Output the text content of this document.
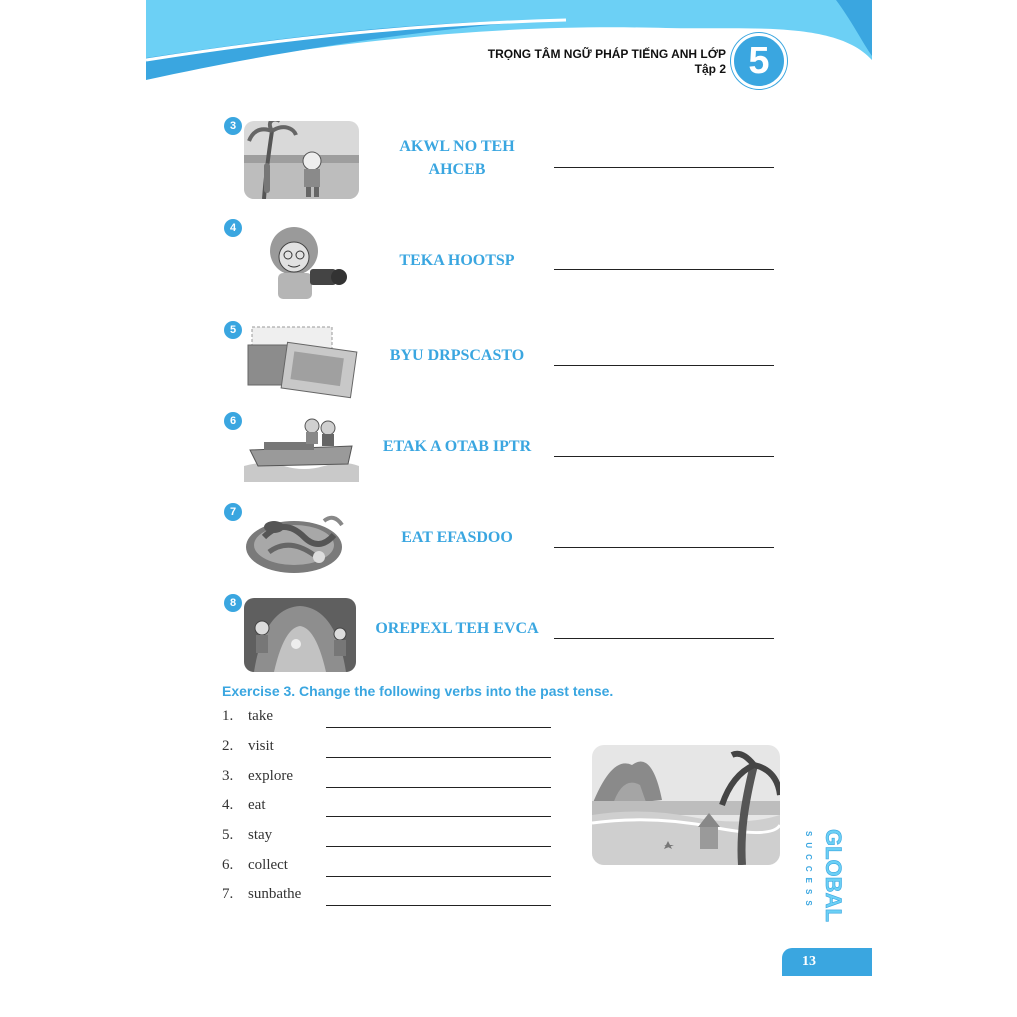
TRỌNG TÂM NGỮ PHÁP TIẾNG ANH LỚP
Tập 2 5
3
AKWL NO TEH AHCEB
4
TEKA HOOTSP
5
BYU DRPSCASTO
6
ETAK A OTAB IPTR
7
EAT EFASDOO
8
OREPEXL TEH EVCA
Exercise 3. Change the following verbs into the past tense.
1. take
2. visit
3. explore
4. eat
5. stay
6. collect
7. sunbathe	GLOBAL
SUCCESS
13
